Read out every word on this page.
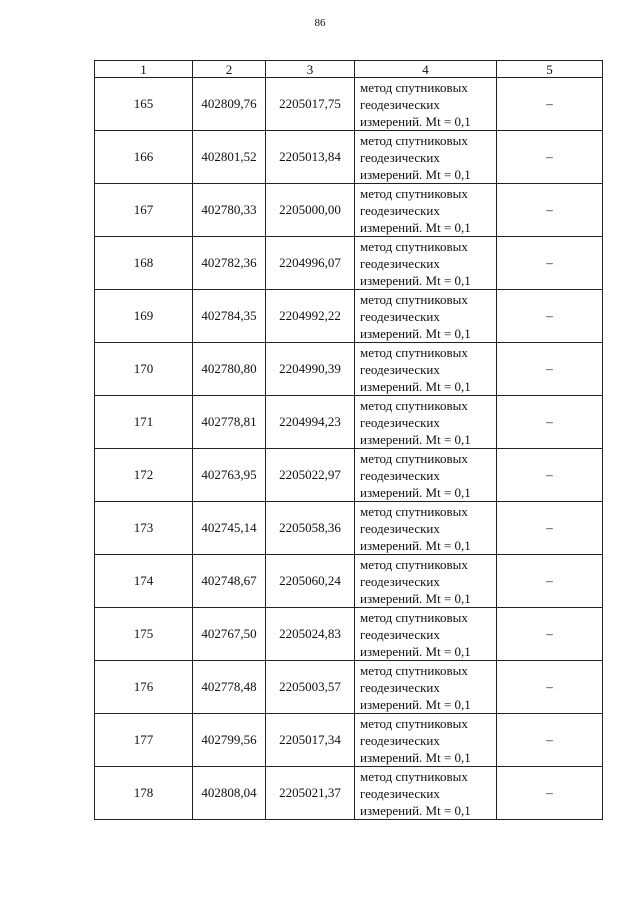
86
1	2	3	4	5
165	402809,76	2205017,75	метод спутниковых
геодезических
измерений. Mt = 0,1	–
166	402801,52	2205013,84	метод спутниковых
геодезических
измерений. Mt = 0,1	–
167	402780,33	2205000,00	метод спутниковых
геодезических
измерений. Mt = 0,1	–
168	402782,36	2204996,07	метод спутниковых
геодезических
измерений. Mt = 0,1	–
169	402784,35	2204992,22	метод спутниковых
геодезических
измерений. Mt = 0,1	–
170	402780,80	2204990,39	метод спутниковых
геодезических
измерений. Mt = 0,1	–
171	402778,81	2204994,23	метод спутниковых
геодезических
измерений. Mt = 0,1	–
172	402763,95	2205022,97	метод спутниковых
геодезических
измерений. Mt = 0,1	–
173	402745,14	2205058,36	метод спутниковых
геодезических
измерений. Mt = 0,1	–
174	402748,67	2205060,24	метод спутниковых
геодезических
измерений. Mt = 0,1	–
175	402767,50	2205024,83	метод спутниковых
геодезических
измерений. Mt = 0,1	–
176	402778,48	2205003,57	метод спутниковых
геодезических
измерений. Mt = 0,1	–
177	402799,56	2205017,34	метод спутниковых
геодезических
измерений. Mt = 0,1	–
178	402808,04	2205021,37	метод спутниковых
геодезических
измерений. Mt = 0,1	–
